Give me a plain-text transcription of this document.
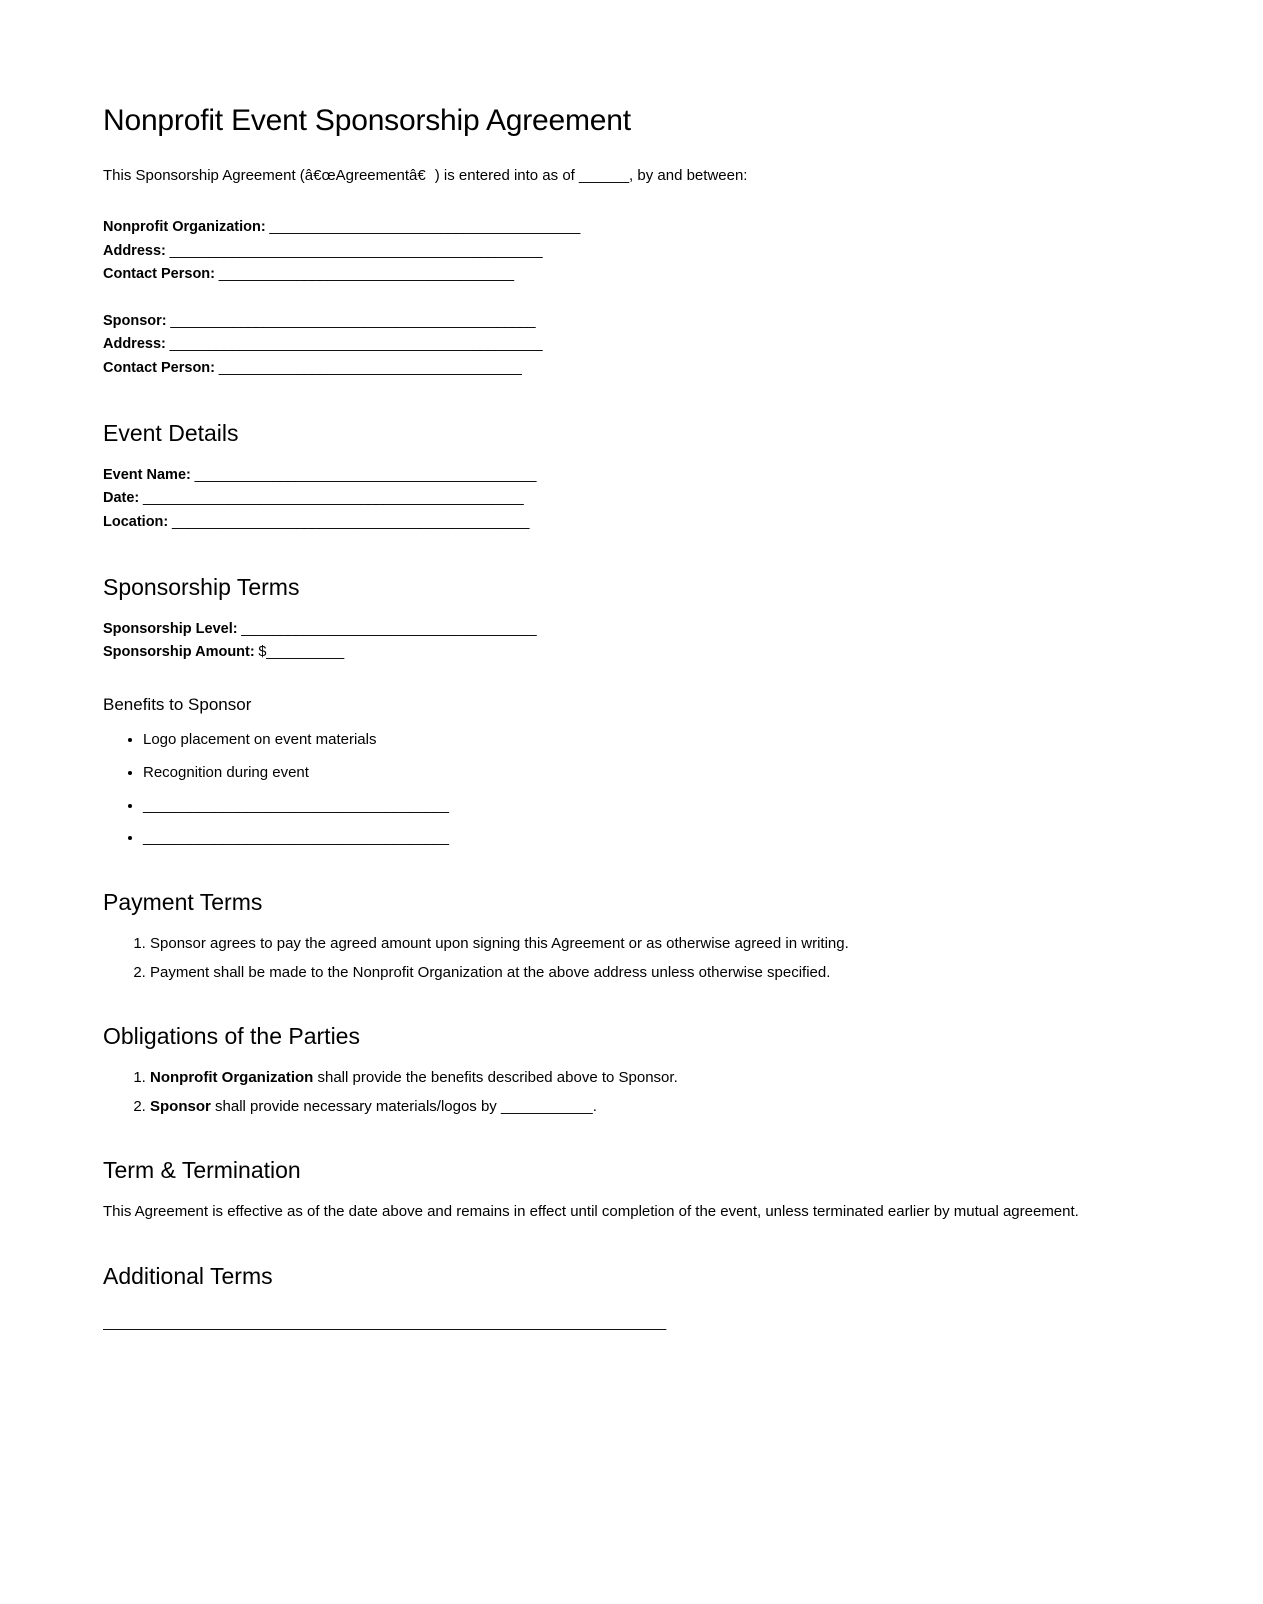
Nonprofit Event Sponsorship Agreement

This Sponsorship Agreement (â€œAgreementâ€) is entered into as of ______, by and between:

Nonprofit Organization: ________________________________________

Address: ________________________________________________

Contact Person: ______________________________________

Sponsor: _______________________________________________

Address: ________________________________________________

Contact Person: _______________________________________

Event Details

Event Name: ____________________________________________

Date: _________________________________________________

Location: ______________________________________________

Sponsorship Terms

Sponsorship Level: ______________________________________

Sponsorship Amount: $__________

Benefits to Sponsor
• Logo placement on event materials
• Recognition during event
• ______________________________________
• ______________________________________
Payment Terms
1. Sponsor agrees to pay the agreed amount upon signing this Agreement or as otherwise agreed in writing.
2. Payment shall be made to the Nonprofit Organization at the above address unless otherwise specified.
Obligations of the Parties
1. Nonprofit Organization shall provide the benefits described above to Sponsor.
2. Sponsor shall provide necessary materials/logos by ___________.
Term & Termination

This Agreement is effective as of the date above and remains in effect until completion of the event, unless terminated earlier by mutual agreement.

Additional Terms

______________________________________________________________________
